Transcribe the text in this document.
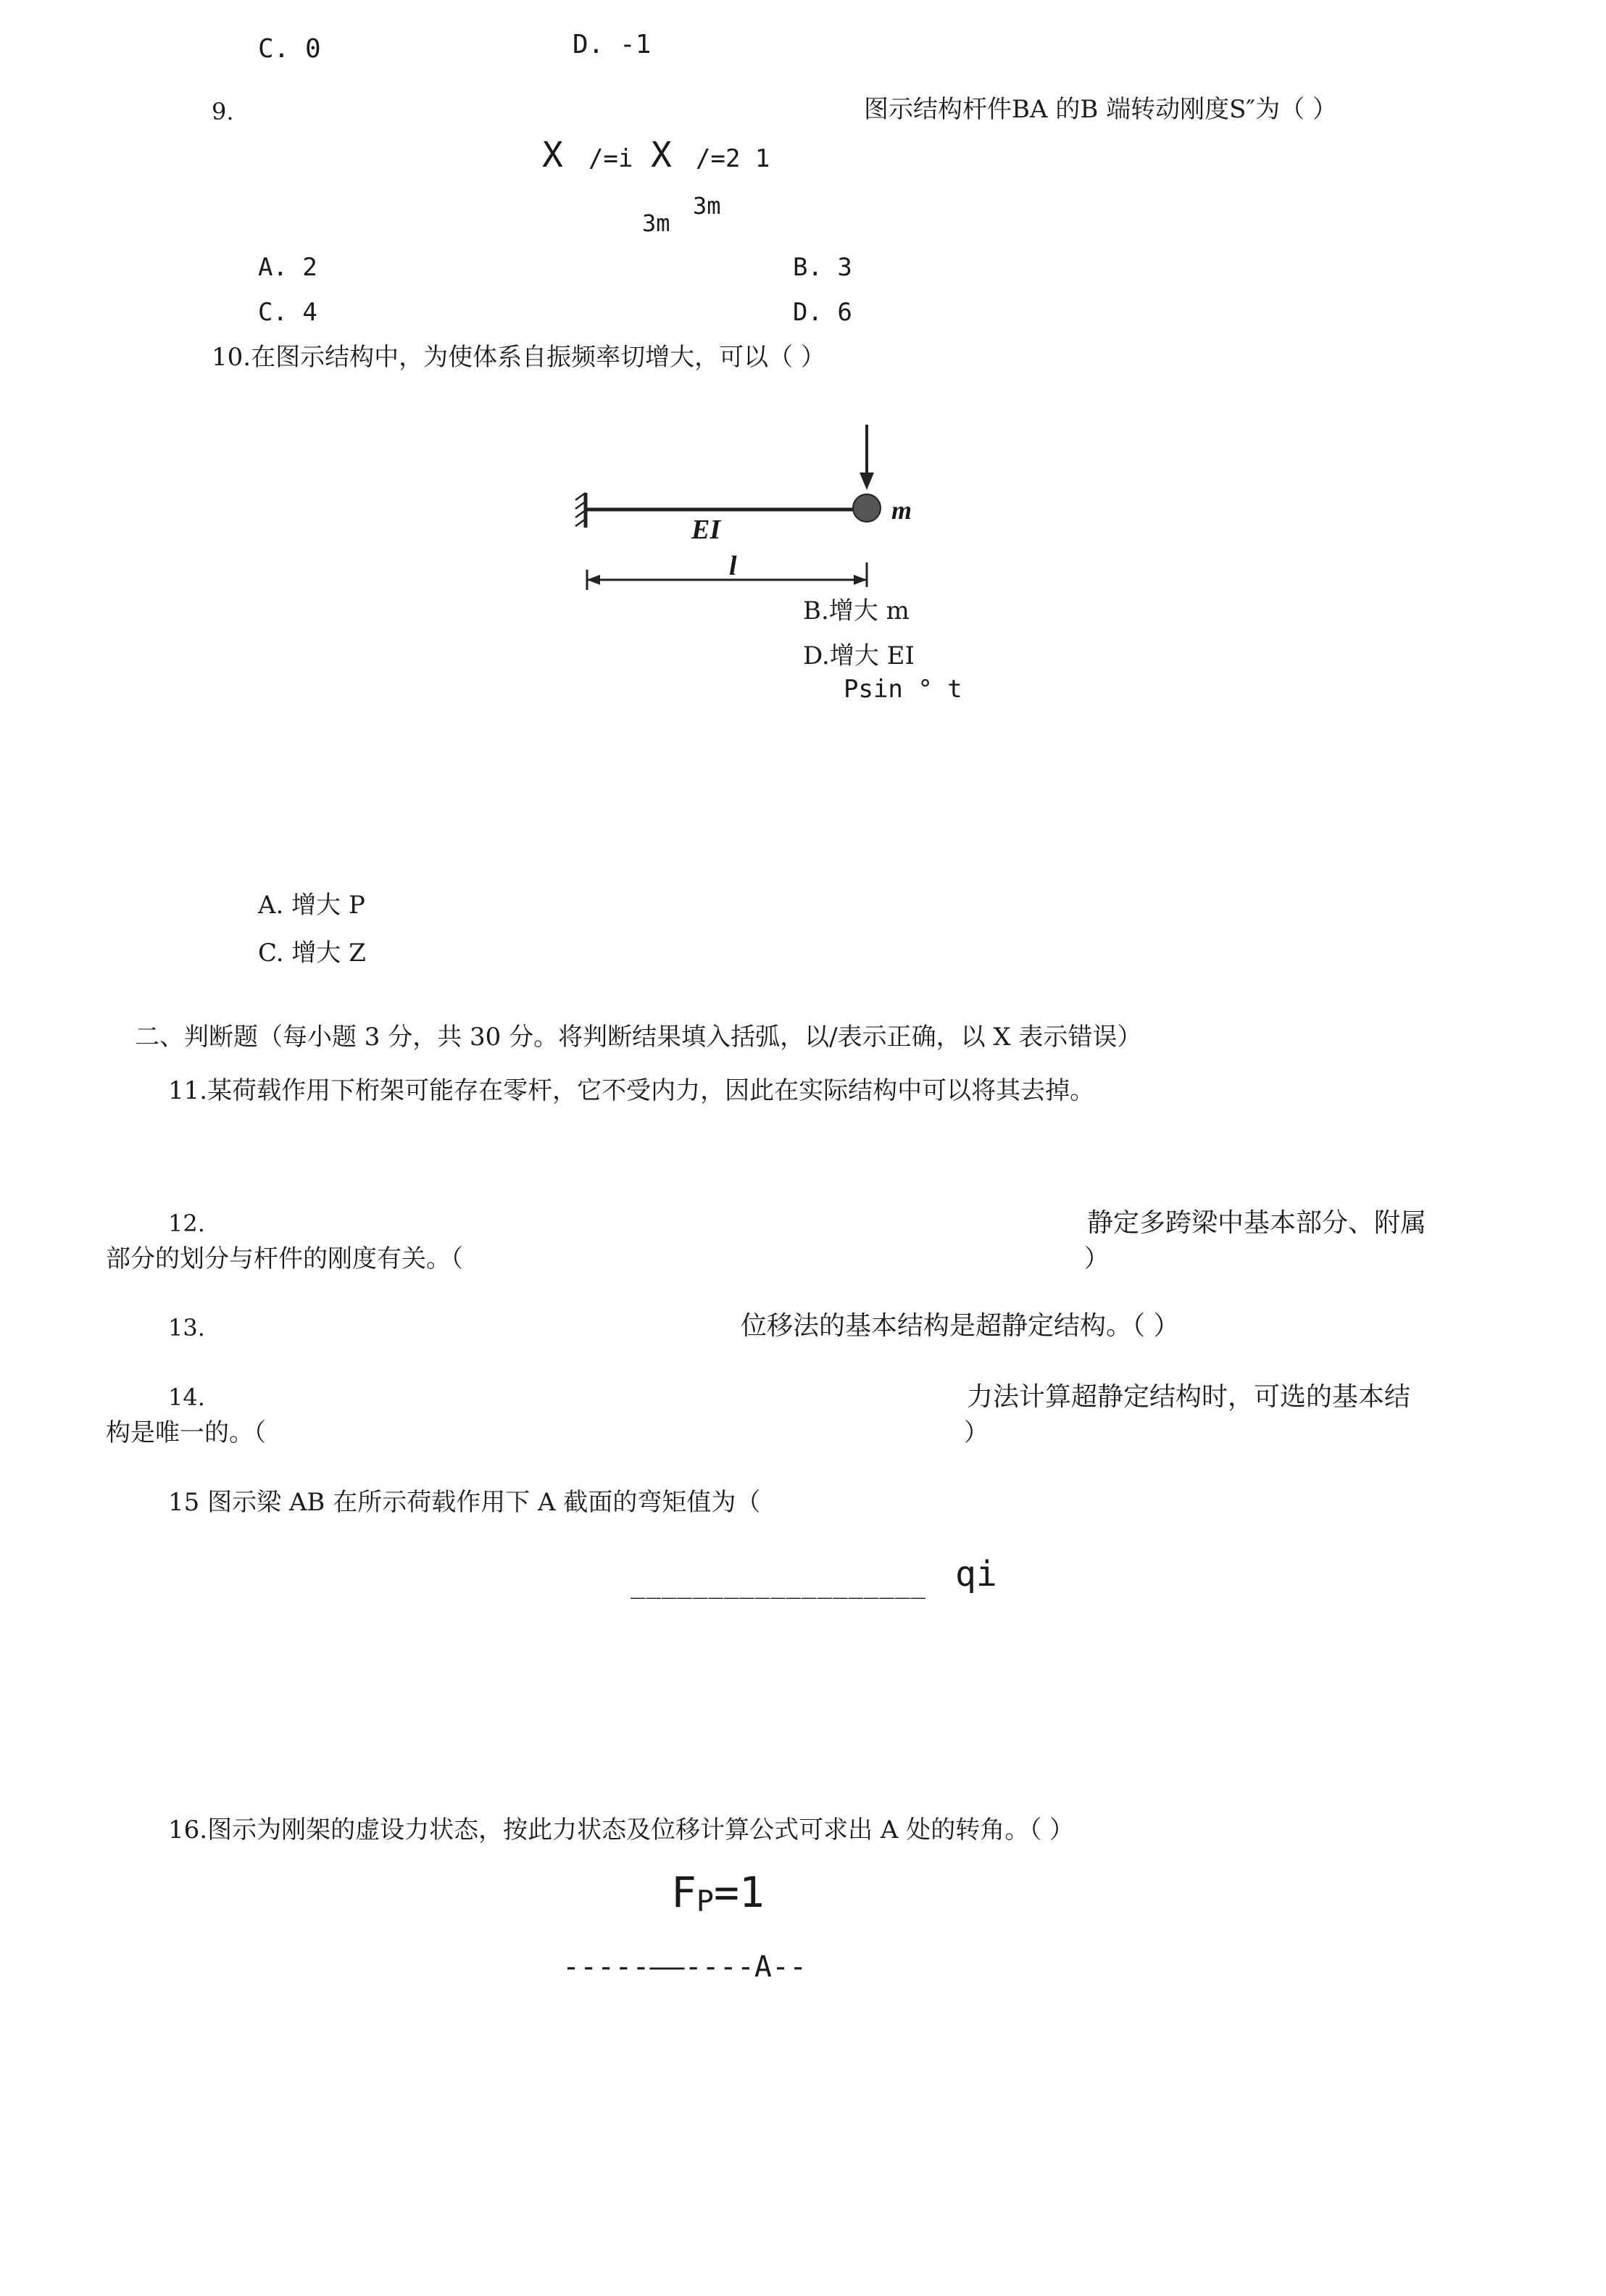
C. 0	D. -1
9.	图示结构杆件BA 的B 端转动刚度S″为（ ）
X /=i X /=2 1
3m
3m
A. 2	B. 3
C. 4	D. 6
10.在图示结构中，为使体系自振频率切增大，可以（ ）
EI
m
l
B.增大 m
D.增大 EI
Psin ° t
A. 增大 P
C. 增大 Z
二、判断题（每小题 3 分，共 30 分。将判断结果填入括弧，以/表示正确，以 X 表示错误）
11.某荷载作用下桁架可能存在零杆，它不受内力，因此在实际结构中可以将其去掉。
12.	静定多跨梁中基本部分、附属
部分的划分与杆件的刚度有关。（	）
13.	位移法的基本结构是超静定结构。（ ）
14.	力法计算超静定结构时，可选的基本结
构是唯一的。（	）
15 图示梁 AB 在所示荷载作用下 A 截面的弯矩值为（
___________________ qi
16.图示为刚架的虚设力状态，按此力状态及位移计算公式可求出 A 处的转角。（ ）
FP=1
-----——----A--
